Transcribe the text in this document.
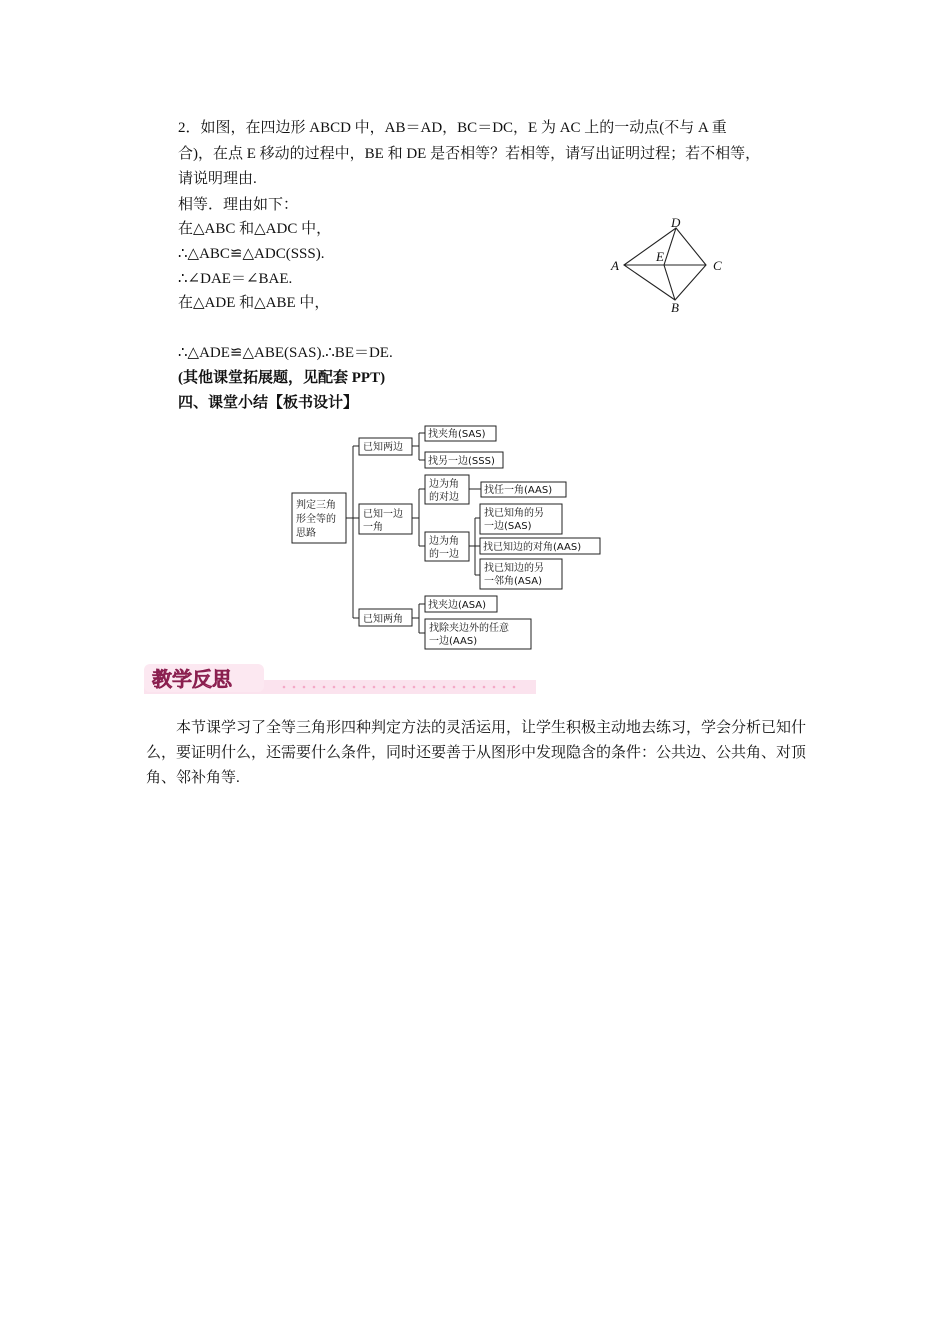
2．如图，在四边形 ABCD 中，AB＝AD，BC＝DC，E 为 AC 上的一动点(不与 A 重
合)，在点 E 移动的过程中，BE 和 DE 是否相等？若相等，请写出证明过程；若不相等，
请说明理由.
相等．理由如下：
在△ABC 和△ADC 中，
∴△ABC≌△ADC(SSS).
∴∠DAE＝∠BAE.
在△ADE 和△ABE 中，
∴△ADE≌△ABE(SAS).∴BE＝DE.
(其他课堂拓展题，见配套 PPT)
四、课堂小结【板书设计】
A
D
E
C
B
判定三角
形全等的
思路
已知两边
找夹角(SAS)
找另一边(SSS)
已知一边
一角
边为角
的对边
找任一角(AAS)
边为角
的一边
找已知角的另
一边(SAS)
找已知边的对角(AAS)
找已知边的另
一邻角(ASA)
已知两角
找夹边(ASA)
找除夹边外的任意
一边(AAS)
教学反思
本节课学习了全等三角形四种判定方法的灵活运用，让学生积极主动地去练习，学会分析已知什么，要证明什么，还需要什么条件，同时还要善于从图形中发现隐含的条件：公共边、公共角、对顶角、邻补角等.
